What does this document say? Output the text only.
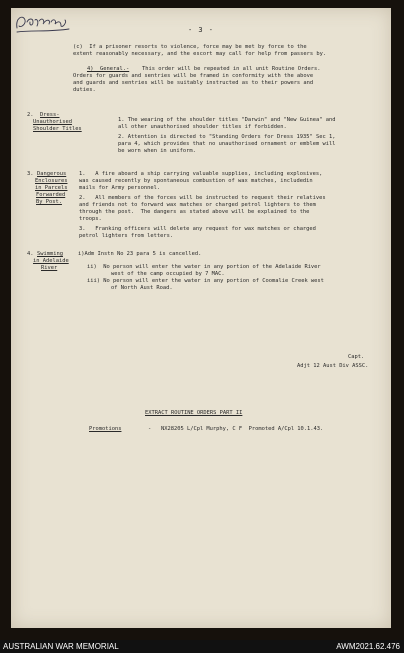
- 3 -
(c)  If a prisoner resorts to violence, force may be met by force to the
extent reasonably necessary, and the escort may call for help from passers by.
4)  General.- This order will be repeated in all unit Routine Orders.
Orders for guards and sentries will be framed in conformity with the above
and guards and sentries will be suitably instructed as to their powers and
duties.
2. Dress-
Unauthorised
Shoulder Titles
1. The wearing of the shoulder titles "Darwin" and "New Guinea" and
all other unauthorised shoulder titles if forbidden.
2. Attention is directed to "Standing Orders for Dress 1935" Sec 1,
para 4, which provides that no unauthorised ornament or emblem will
be worn when in uniform.
3. Dangerous
Enclosures
in Parcels
Forwarded
By Post.
1.   A fire aboard a ship carrying valuable supplies, including explosives,
was caused recently by spontaneous combustion of wax matches, includedin
mails for Army personnel.
2.   All members of the forces will be instructed to request their relatives
and friends not to forward wax matches or charged petrol lighters to them
through the post.  The dangers as stated above will be explained to the
troops.
3.   Franking officers will delete any request for wax matches or charged
petrol lighters from letters.
4. Swimming
in Adelaide
River
i)Adm Instn No 23 para 5 is cancelled.
ii)  No person will enter the water in any portion of the Adelaide River
west of the camp occupied by 7 MAC.
iii) No person will enter the water in any portion of Coomalie Creek west
of North Aust Road.
Capt.
Adjt 12 Aust Div ASSC.
EXTRACT ROUTINE ORDERS PART II
Promotions	- NX28205 L/Cpl Murphy, C F  Promoted A/Cpl 10.1.43.
AUSTRALIAN WAR MEMORIAL	AWM2021.62.476
